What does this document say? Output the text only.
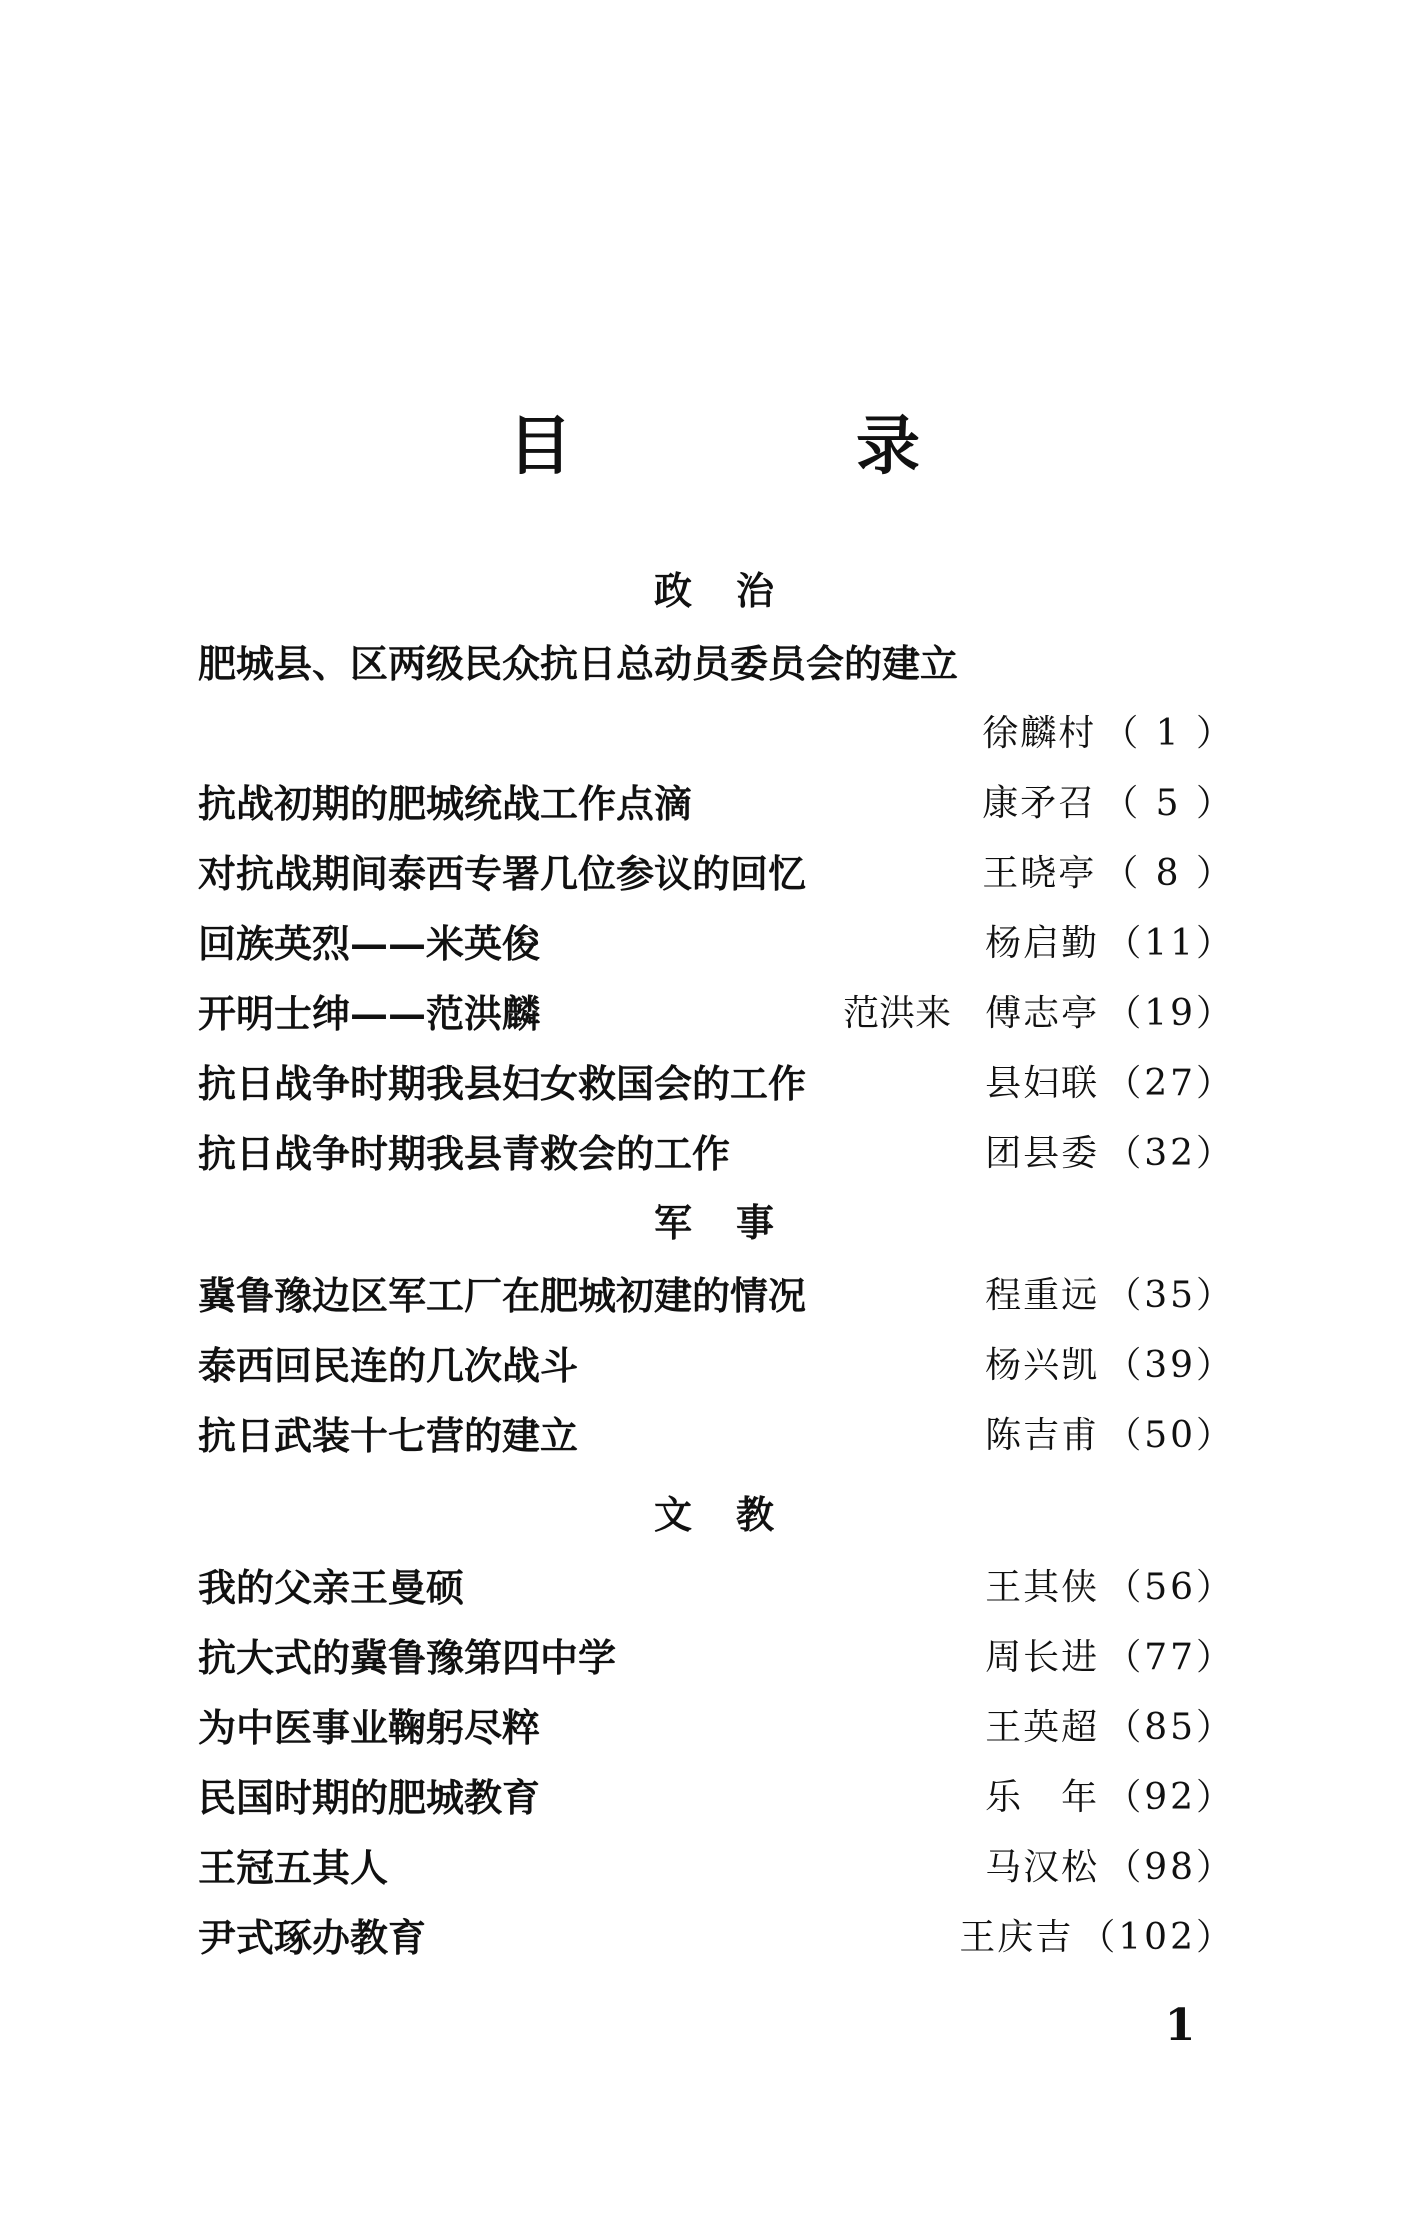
目　录
政治
肥城县、区两级民众抗日总动员委员会的建立
徐麟村 （ 1 ）
抗战初期的肥城统战工作点滴	康矛召 （ 5 ）
对抗战期间泰西专署几位参议的回忆	王晓亭 （ 8 ）
回族英烈——米英俊	杨启勤 （11）
开明士绅——范洪麟	范洪来 傅志亭 （19）
抗日战争时期我县妇女救国会的工作	县妇联 （27）
抗日战争时期我县青救会的工作	团县委 （32）
军事
冀鲁豫边区军工厂在肥城初建的情况	程重远 （35）
泰西回民连的几次战斗	杨兴凯 （39）
抗日武装十七营的建立	陈吉甫 （50）
文教
我的父亲王曼硕	王其侠 （56）
抗大式的冀鲁豫第四中学	周长进 （77）
为中医事业鞠躬尽粹	王英超 （85）
民国时期的肥城教育	乐　年 （92）
王冠五其人	马汉松 （98）
尹式琢办教育	王庆吉 （102）
1
